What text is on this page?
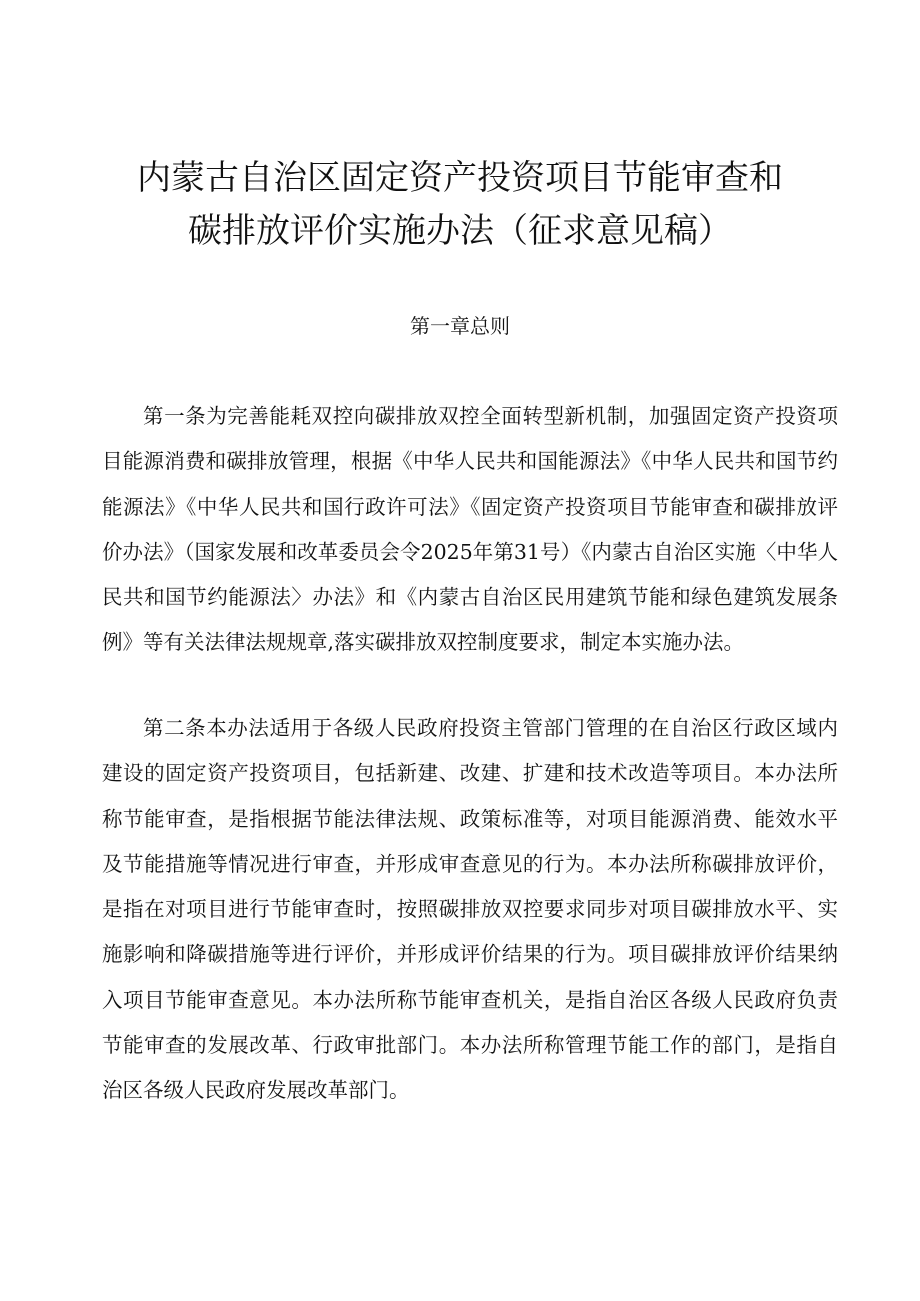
内蒙古自治区固定资产投资项目节能审查和
碳排放评价实施办法（征求意见稿）
第一章总则

第一条为完善能耗双控向碳排放双控全面转型新机制，加强固定资产投资项目能源消费和碳排放管理，根据《中华人民共和国能源法》《中华人民共和国节约能源法》《中华人民共和国行政许可法》《固定资产投资项目节能审查和碳排放评价办法》（国家发展和改革委员会令2025年第31号）《内蒙古自治区实施〈中华人民共和国节约能源法〉办法》和《内蒙古自治区民用建筑节能和绿色建筑发展条例》等有关法律法规规章,落实碳排放双控制度要求，制定本实施办法。

第二条本办法适用于各级人民政府投资主管部门管理的在自治区行政区域内建设的固定资产投资项目，包括新建、改建、扩建和技术改造等项目。本办法所称节能审查，是指根据节能法律法规、政策标准等，对项目能源消费、能效水平及节能措施等情况进行审查，并形成审查意见的行为。本办法所称碳排放评价，是指在对项目进行节能审查时，按照碳排放双控要求同步对项目碳排放水平、实施影响和降碳措施等进行评价，并形成评价结果的行为。项目碳排放评价结果纳入项目节能审查意见。本办法所称节能审查机关，是指自治区各级人民政府负责节能审查的发展改革、行政审批部门。本办法所称管理节能工作的部门，是指自治区各级人民政府发展改革部门。
